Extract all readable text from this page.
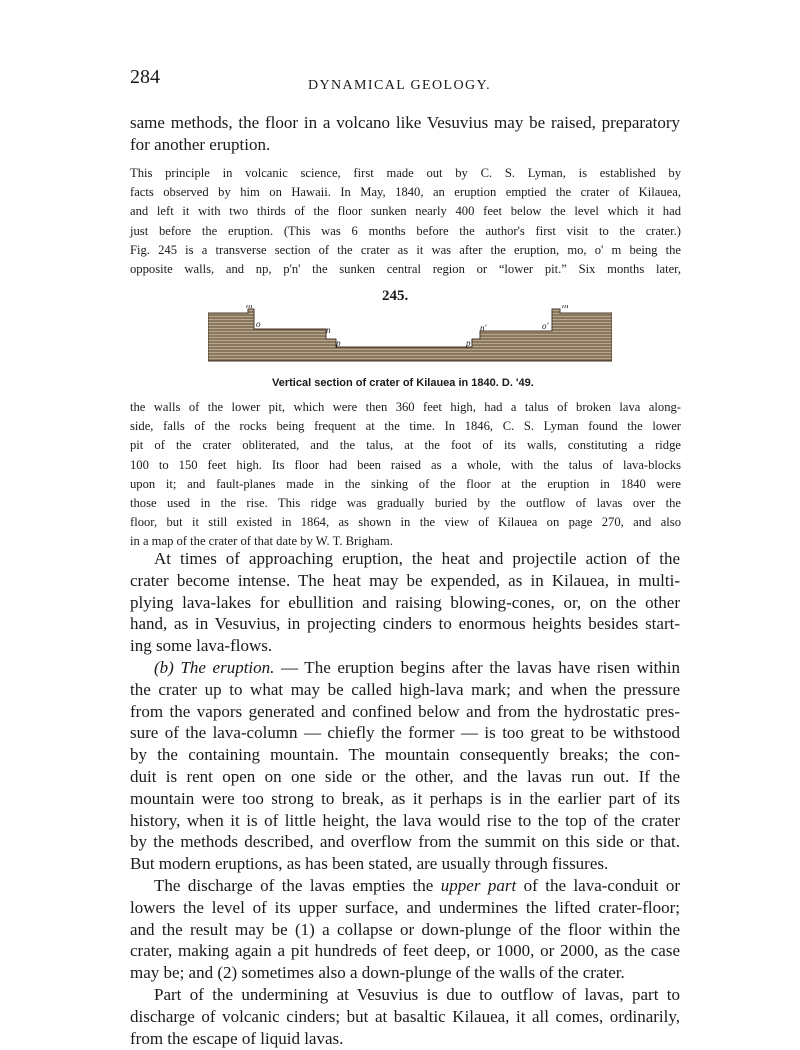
284	DYNAMICAL GEOLOGY.
same methods, the floor in a volcano like Vesuvius may be raised, preparatory
for another eruption.
This principle in volcanic science, first made out by C. S. Lyman, is established by
facts observed by him on Hawaii. In May, 1840, an eruption emptied the crater of Kilauea,
and left it with two thirds of the floor sunken nearly 400 feet below the level which it had
just before the eruption. (This was 6 months before the author's first visit to the crater.)
Fig. 245 is a transverse section of the crater as it was after the eruption, mo, o' m being the
opposite walls, and np, p'n' the sunken central region or “lower pit.” Six months later,
245.
m
o
n
p	p'
n'	o'
m
Vertical section of crater of Kilauea in 1840. D. '49.
the walls of the lower pit, which were then 360 feet high, had a talus of broken lava along-
side, falls of the rocks being frequent at the time. In 1846, C. S. Lyman found the lower
pit of the crater obliterated, and the talus, at the foot of its walls, constituting a ridge
100 to 150 feet high. Its floor had been raised as a whole, with the talus of lava-blocks
upon it; and fault-planes made in the sinking of the floor at the eruption in 1840 were
those used in the rise. This ridge was gradually buried by the outflow of lavas over the
floor, but it still existed in 1864, as shown in the view of Kilauea on page 270, and also
in a map of the crater of that date by W. T. Brigham.

At times of approaching eruption, the heat and projectile action of the
crater become intense. The heat may be expended, as in Kilauea, in multi-
plying lava-lakes for ebullition and raising blowing-cones, or, on the other
hand, as in Vesuvius, in projecting cinders to enormous heights besides start-
ing some lava-flows.

(b) The eruption. — The eruption begins after the lavas have risen within
the crater up to what may be called high-lava mark; and when the pressure
from the vapors generated and confined below and from the hydrostatic pres-
sure of the lava-column — chiefly the former — is too great to be withstood
by the containing mountain. The mountain consequently breaks; the con-
duit is rent open on one side or the other, and the lavas run out. If the
mountain were too strong to break, as it perhaps is in the earlier part of its
history, when it is of little height, the lava would rise to the top of the crater
by the methods described, and overflow from the summit on this side or that.
But modern eruptions, as has been stated, are usually through fissures.

The discharge of the lavas empties the upper part of the lava-conduit or
lowers the level of its upper surface, and undermines the lifted crater-floor;
and the result may be (1) a collapse or down-plunge of the floor within the
crater, making again a pit hundreds of feet deep, or 1000, or 2000, as the case
may be; and (2) sometimes also a down-plunge of the walls of the crater.

Part of the undermining at Vesuvius is due to outflow of lavas, part to
discharge of volcanic cinders; but at basaltic Kilauea, it all comes, ordinarily,
from the escape of liquid lavas.
